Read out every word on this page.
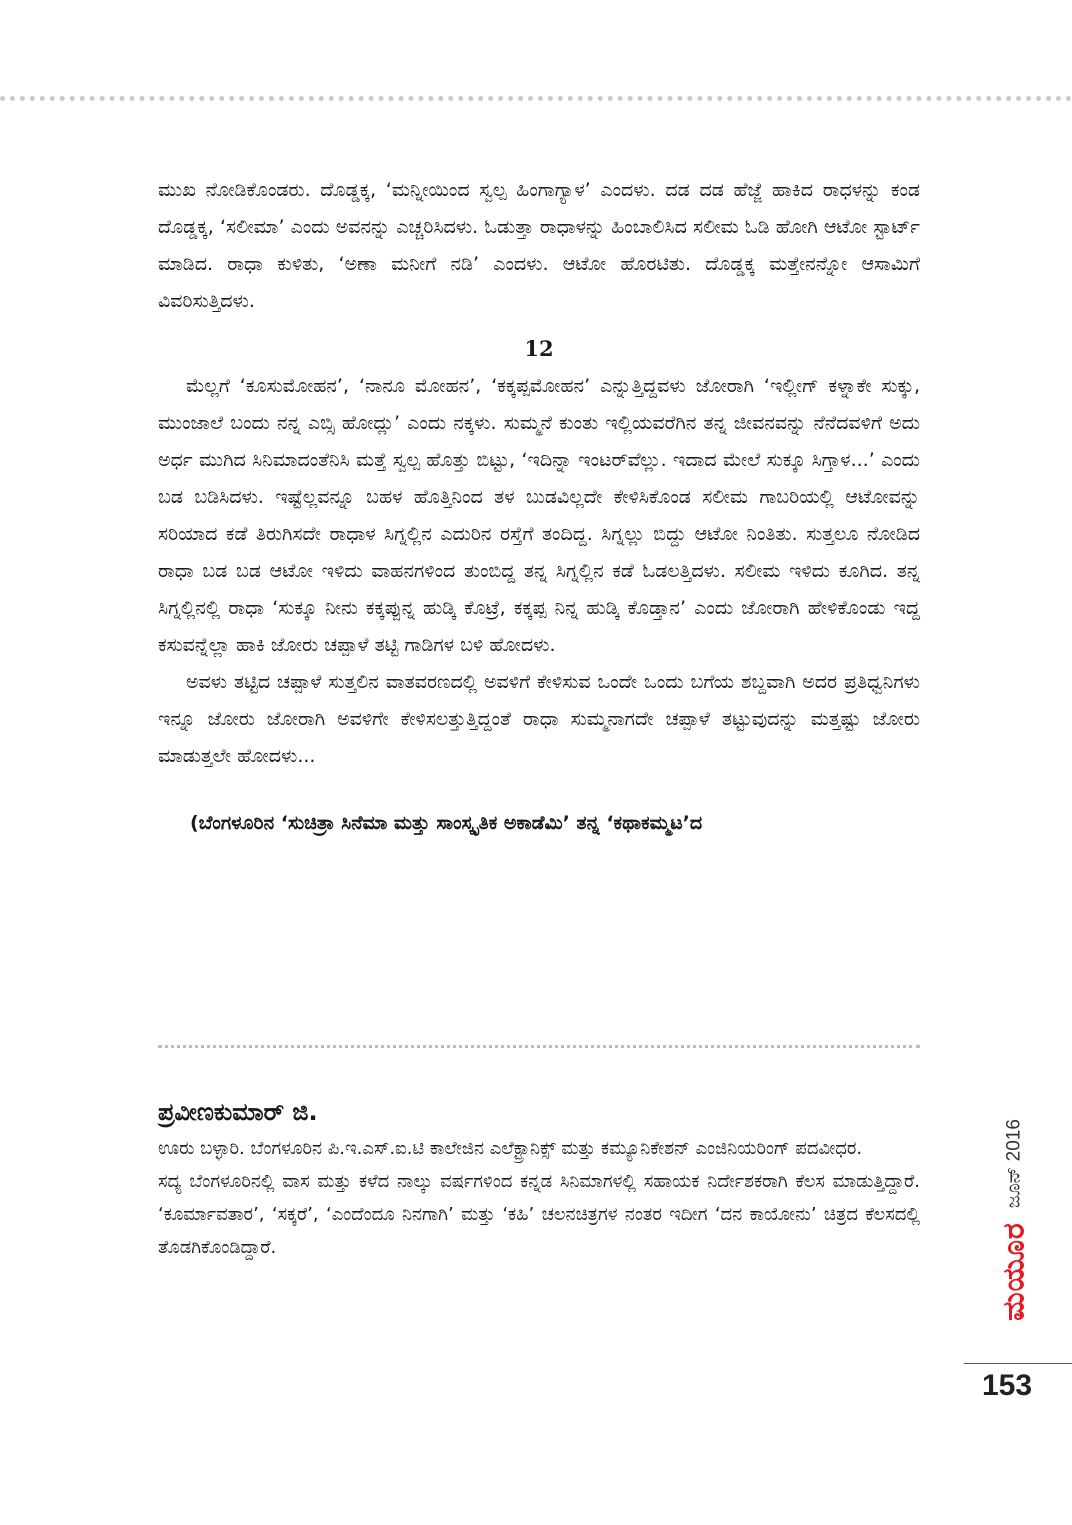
ಮುಖ ನೋಡಿಕೊಂಡರು. ದೊಡ್ಡಕ್ಕ, ‘ಮನ್ನೀಯಿಂದ ಸ್ವಲ್ಪ ಹಿಂಗಾಗ್ಯಾಳ’ ಎಂದಳು. ದಡ ದಡ ಹೆಜ್ಜೆ ಹಾಕಿದ ರಾಧಳನ್ನು ಕಂಡ ದೊಡ್ಡಕ್ಕ, ‘ಸಲೀಮಾ’ ಎಂದು ಅವನನ್ನು ಎಚ್ಚರಿಸಿದಳು. ಓಡುತ್ತಾ ರಾಧಾಳನ್ನು ಹಿಂಬಾಲಿಸಿದ ಸಲೀಮ ಓಡಿ ಹೋಗಿ ಆಟೋ ಸ್ಟಾರ್ಟ್ ಮಾಡಿದ. ರಾಧಾ ಕುಳಿತು, ‘ಅಣಾ ಮನೀಗೆ ನಡಿ’ ಎಂದಳು. ಆಟೋ ಹೊರಟಿತು. ದೊಡ್ಡಕ್ಕ ಮತ್ತೇನನ್ನೋ ಆಸಾಮಿಗೆ ವಿವರಿಸುತ್ತಿದಳು.

12

ಮೆಲ್ಲಗೆ ‘ಕೂಸುಮೋಹನ’, ‘ನಾನೂ ಮೋಹನ’, ‘ಕಕ್ಕಪ್ಪಮೋಹನ’ ಎನ್ನುತ್ತಿದ್ದವಳು ಜೋರಾಗಿ ‘ಇಲ್ಲೀಗ್ ಕಳ್ನಾಕೇ ಸುಕ್ಕು, ಮುಂಜಾಲೆ ಬಂದು ನನ್ನ ಎಬ್ಸಿ ಹೋದ್ಲು’ ಎಂದು ನಕ್ಕಳು. ಸುಮ್ಮನೆ ಕುಂತು ಇಲ್ಲಿಯವರೆಗಿನ ತನ್ನ ಜೀವನವನ್ನು ನೆನೆದವಳಿಗೆ ಅದು ಅರ್ಧ ಮುಗಿದ ಸಿನಿಮಾದಂತೆನಿಸಿ ಮತ್ತೆ ಸ್ವಲ್ಪ ಹೊತ್ತು ಬಿಟ್ಟು, ‘ಇದಿನ್ನಾ ಇಂಟರ್‌ವೆಲ್ಲು. ಇದಾದ ಮೇಲೆ ಸುಕ್ಕೂ ಸಿಗ್ತಾಳ...’ ಎಂದು ಬಡ ಬಡಿಸಿದಳು. ಇಷ್ಟೆಲ್ಲವನ್ನೂ ಬಹಳ ಹೊತ್ತಿನಿಂದ ತಳ ಬುಡವಿಲ್ಲದೇ ಕೇಳಿಸಿಕೊಂಡ ಸಲೀಮ ಗಾಬರಿಯಲ್ಲಿ ಆಟೋವನ್ನು ಸರಿಯಾದ ಕಡೆ ತಿರುಗಿಸದೇ ರಾಧಾಳ ಸಿಗ್ನಲ್ಲಿನ ಎದುರಿನ ರಸ್ತೆಗೆ ತಂದಿದ್ದ. ಸಿಗ್ನಲ್ಲು ಬಿದ್ದು ಆಟೋ ನಿಂತಿತು. ಸುತ್ತಲೂ ನೋಡಿದ ರಾಧಾ ಬಡ ಬಡ ಆಟೋ ಇಳಿದು ವಾಹನಗಳಿಂದ ತುಂಬಿದ್ದ ತನ್ನ ಸಿಗ್ನಲ್ಲಿನ ಕಡೆ ಓಡಲತ್ತಿದಳು. ಸಲೀಮ ಇಳಿದು ಕೂಗಿದ. ತನ್ನ ಸಿಗ್ನಲ್ಲಿನಲ್ಲಿ ರಾಧಾ ‘ಸುಕ್ಕೂ ನೀನು ಕಕ್ಕಪ್ಪುನ್ನ ಹುಡ್ಕಿ ಕೊಟ್ರೆ, ಕಕ್ಕಪ್ಪ ನಿನ್ನ ಹುಡ್ಕಿ ಕೊಡ್ತಾನ’ ಎಂದು ಜೋರಾಗಿ ಹೇಳಿಕೊಂಡು ಇದ್ದ ಕಸುವನ್ನೆಲ್ಲಾ ಹಾಕಿ ಜೋರು ಚಪ್ಪಾಳೆ ತಟ್ಟಿ ಗಾಡಿಗಳ ಬಳಿ ಹೋದಳು.

ಅವಳು ತಟ್ಟಿದ ಚಪ್ಪಾಳೆ ಸುತ್ತಲಿನ ವಾತವರಣದಲ್ಲಿ ಅವಳಿಗೆ ಕೇಳಿಸುವ ಒಂದೇ ಒಂದು ಬಗೆಯ ಶಬ್ದವಾಗಿ ಅದರ ಪ್ರತಿಧ್ವನಿಗಳು ಇನ್ನೂ ಜೋರು ಜೋರಾಗಿ ಅವಳಿಗೇ ಕೇಳಿಸಲತ್ತುತ್ತಿದ್ದಂತೆ ರಾಧಾ ಸುಮ್ಮನಾಗದೇ ಚಪ್ಪಾಳೆ ತಟ್ಟುವುದನ್ನು ಮತ್ತಷ್ಟು ಜೋರು ಮಾಡುತ್ತಲೇ ಹೋದಳು...

(ಬೆಂಗಳೂರಿನ ‘ಸುಚಿತ್ರಾ ಸಿನೆಮಾ ಮತ್ತು ಸಾಂಸ್ಕೃತಿಕ ಅಕಾಡೆಮಿ’ ತನ್ನ ‘ಕಥಾಕಮ್ಮಟ’ದ
ಪ್ರವೀಣಕುಮಾರ್ ಜಿ.

ಊರು ಬಳ್ಳಾರಿ. ಬೆಂಗಳೂರಿನ ಪಿ.ಇ.ಎಸ್.ಐ.ಟಿ ಕಾಲೇಜಿನ ಎಲೆಕ್ಟ್ರಾನಿಕ್ಸ್ ಮತ್ತು ಕಮ್ಯೂನಿಕೇಶನ್ ಎಂಜಿನಿಯರಿಂಗ್ ಪದವೀಧರ.

ಸದ್ಯ ಬೆಂಗಳೂರಿನಲ್ಲಿ ವಾಸ ಮತ್ತು ಕಳೆದ ನಾಲ್ಕು ವರ್ಷಗಳಿಂದ ಕನ್ನಡ ಸಿನಿಮಾಗಳಲ್ಲಿ ಸಹಾಯಕ ನಿರ್ದೇಶಕರಾಗಿ ಕೆಲಸ ಮಾಡುತ್ತಿದ್ದಾರೆ. ‘ಕೂರ್ಮಾವತಾರ’, ‘ಸಕ್ಕರೆ’, ‘ಎಂದೆಂದೂ ನಿನಗಾಗಿ’ ಮತ್ತು ‘ಕಹಿ’ ಚಲನಚಿತ್ರಗಳ ನಂತರ ಇದೀಗ ‘ದನ ಕಾಯೋನು’ ಚಿತ್ರದ ಕೆಲಸದಲ್ಲಿ ತೊಡಗಿಕೊಂಡಿದ್ದಾರೆ.	ಮಯೂರ
ಜೂನ್ 2016
153
